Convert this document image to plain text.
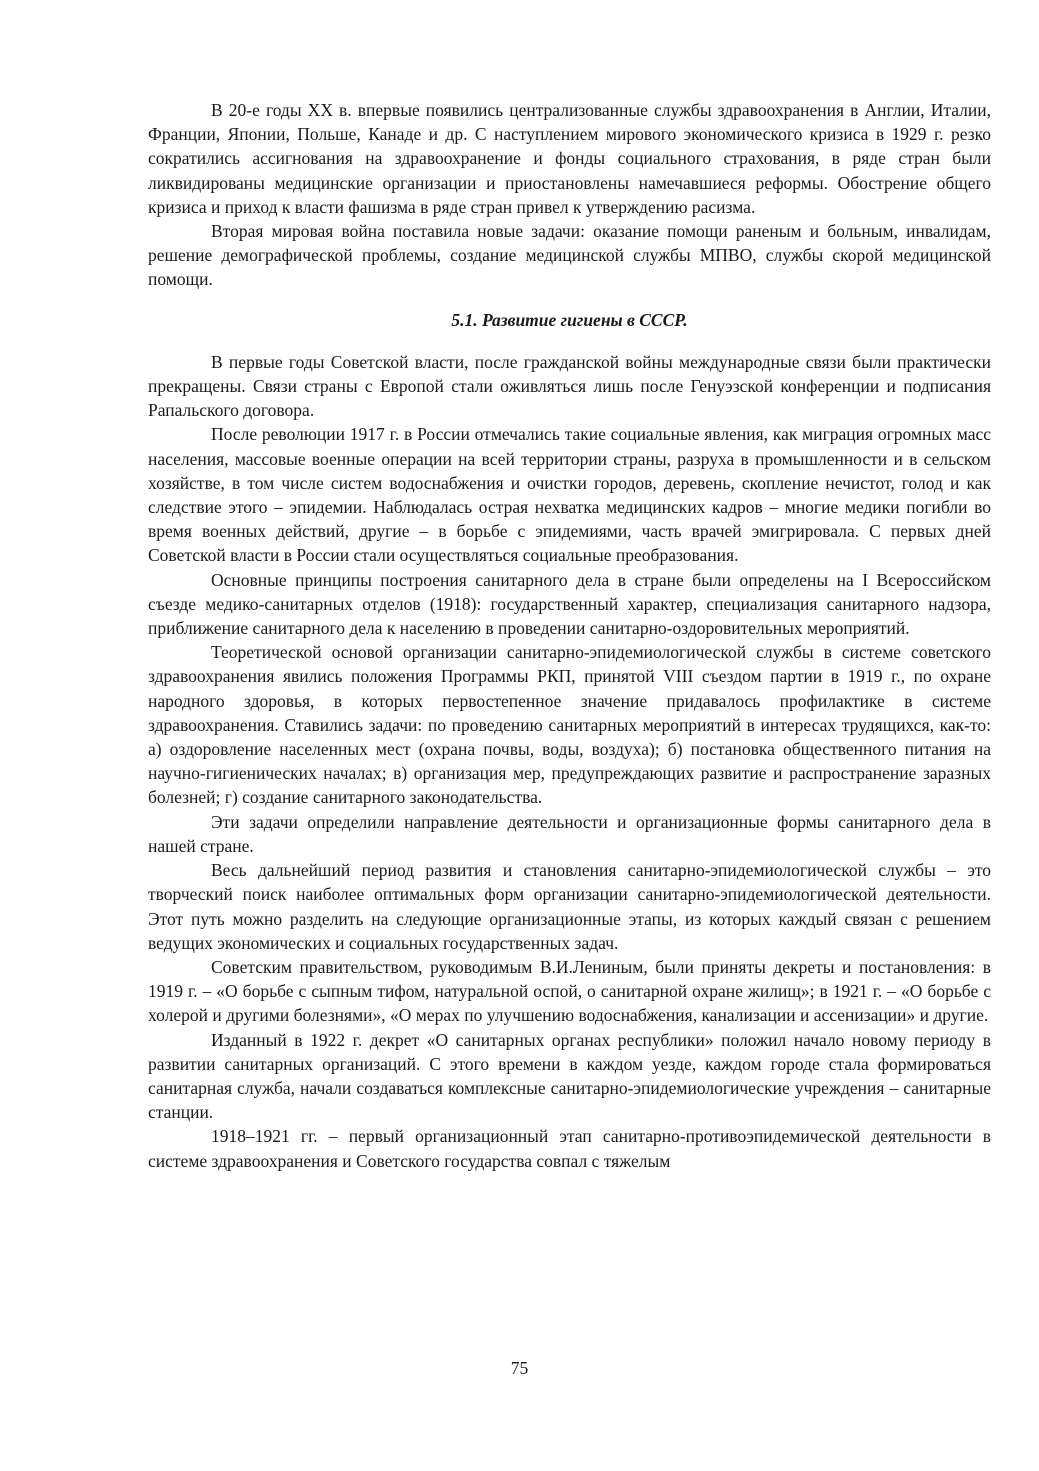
В 20-е годы XX в. впервые появились централизованные службы здравоохранения в Англии, Италии, Франции, Японии, Польше, Канаде и др. С наступлением мирового экономического кризиса в 1929 г. резко сократились ассигнования на здравоохранение и фонды социального страхования, в ряде стран были ликвидированы медицинские организации и приостановлены намечавшиеся реформы. Обострение общего кризиса и приход к власти фашизма в ряде стран привел к утверждению расизма.

Вторая мировая война поставила новые задачи: оказание помощи раненым и больным, инвалидам, решение демографической проблемы, создание медицинской службы МПВО, службы скорой медицинской помощи.

5.1. Развитие гигиены в СССР.

В первые годы Советской власти, после гражданской войны международные связи были практически прекращены. Связи страны с Европой стали оживляться лишь после Генуэзской конференции и подписания Рапальского договора.

После революции 1917 г. в России отмечались такие социальные явления, как миграция огромных масс населения, массовые военные операции на всей территории страны, разруха в промышленности и в сельском хозяйстве, в том числе систем водоснабжения и очистки городов, деревень, скопление нечистот, голод и как следствие этого – эпидемии. Наблюдалась острая нехватка медицинских кадров – многие медики погибли во время военных действий, другие – в борьбе с эпидемиями, часть врачей эмигрировала. С первых дней Советской власти в России стали осуществляться социальные преобразования.

Основные принципы построения санитарного дела в стране были определены на I Всероссийском съезде медико-санитарных отделов (1918): государственный характер, специализация санитарного надзора, приближение санитарного дела к населению в проведении санитарно-оздоровительных мероприятий.

Теоретической основой организации санитарно-эпидемиологической службы в системе советского здравоохранения явились положения Программы РКП, принятой VIII съездом партии в 1919 г., по охране народного здоровья, в которых первостепенное значение придавалось профилактике в системе здравоохранения. Ставились задачи: по проведению санитарных мероприятий в интересах трудящихся, как-то: а) оздоровление населенных мест (охрана почвы, воды, воздуха); б) постановка общественного питания на научно-гигиенических началах; в) организация мер, предупреждающих развитие и распространение заразных болезней; г) создание санитарного законодательства.

Эти задачи определили направление деятельности и организационные формы санитарного дела в нашей стране.

Весь дальнейший период развития и становления санитарно-эпидемиологической службы – это творческий поиск наиболее оптимальных форм организации санитарно-эпидемиологической деятельности. Этот путь можно разделить на следующие организационные этапы, из которых каждый связан с решением ведущих экономических и социальных государственных задач.

Советским правительством, руководимым В.И.Лениным, были приняты декреты и постановления: в 1919 г. – «О борьбе с сыпным тифом, натуральной оспой, о санитарной охране жилищ»; в 1921 г. – «О борьбе с холерой и другими болезнями», «О мерах по улучшению водоснабжения, канализации и ассенизации» и другие.

Изданный в 1922 г. декрет «О санитарных органах республики» положил начало новому периоду в развитии санитарных организаций. С этого времени в каждом уезде, каждом городе стала формироваться санитарная служба, начали создаваться комплексные санитарно-эпидемиологические учреждения – санитарные станции.

1918–1921 гг. – первый организационный этап санитарно-противоэпидемической деятельности в системе здравоохранения и Советского государства совпал с тяжелым

75
